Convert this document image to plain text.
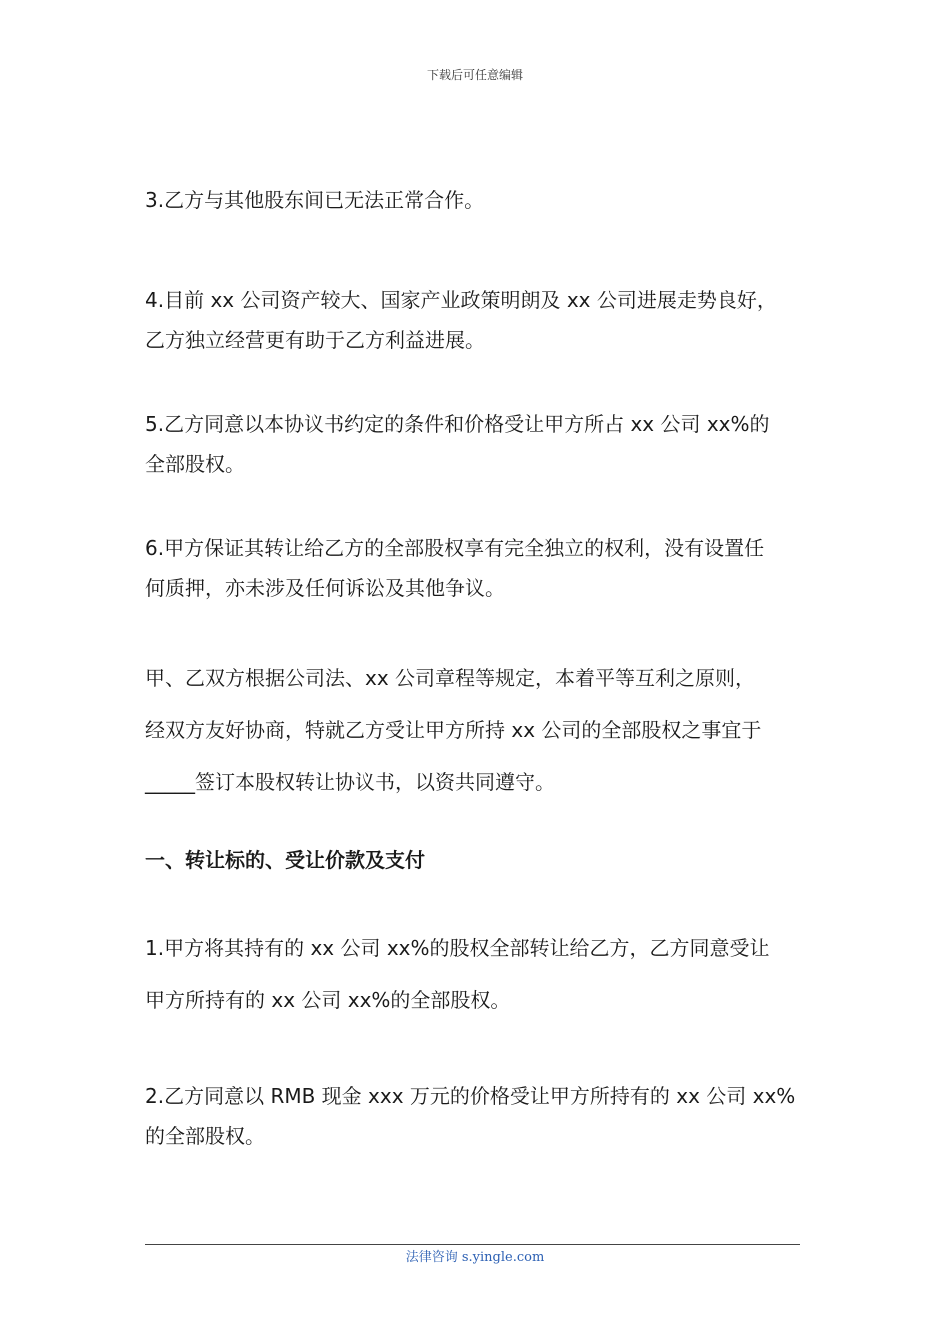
下载后可任意编辑
3.乙方与其他股东间已无法正常合作。
4.目前 xx 公司资产较大、国家产业政策明朗及 xx 公司进展走势良好，
乙方独立经营更有助于乙方利益进展。
5.乙方同意以本协议书约定的条件和价格受让甲方所占 xx 公司 xx%的
全部股权。
6.甲方保证其转让给乙方的全部股权享有完全独立的权利，没有设置任
何质押，亦未涉及任何诉讼及其他争议。
甲、乙双方根据公司法、xx 公司章程等规定，本着平等互利之原则，
经双方友好协商，特就乙方受让甲方所持 xx 公司的全部股权之事宜于
_____签订本股权转让协议书，以资共同遵守。
一、转让标的、受让价款及支付
1.甲方将其持有的 xx 公司 xx%的股权全部转让给乙方，乙方同意受让
甲方所持有的 xx 公司 xx%的全部股权。
2.乙方同意以 RMB 现金 xxx 万元的价格受让甲方所持有的 xx 公司 xx%
的全部股权。
法律咨询 s.yingle.com
